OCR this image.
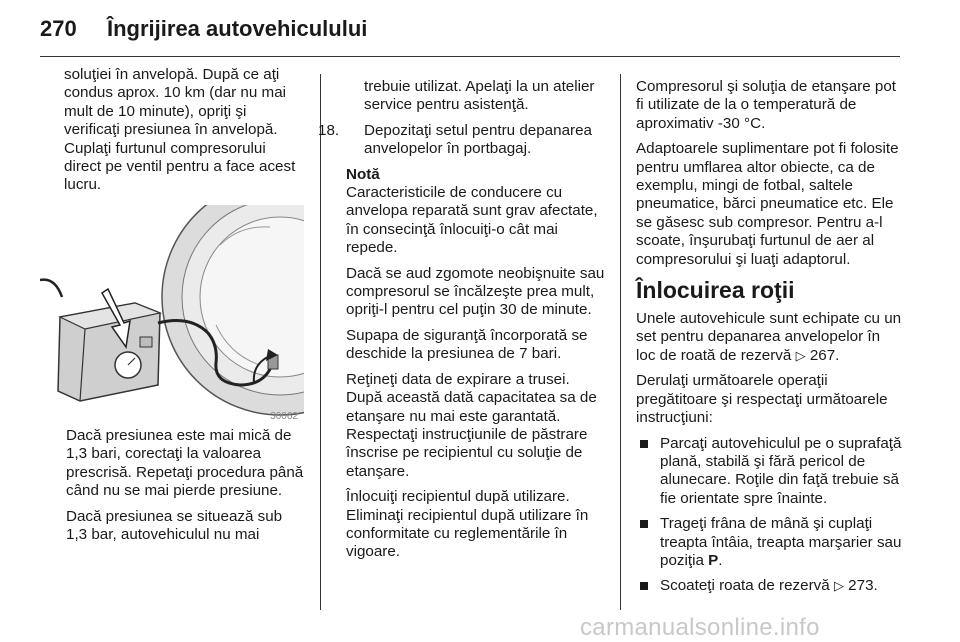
270 Îngrijirea autovehiculului

soluţiei în anvelopă. După ce aţi condus aprox. 10 km (dar nu mai mult de 10 minute), opriţi şi verificaţi presiunea în anvelopă. Cuplaţi furtunul compresorului direct pe ventil pentru a face acest lucru.

30062

Dacă presiunea este mai mică de 1,3 bari, corectaţi la valoarea prescrisă. Repetaţi procedura până când nu se mai pierde presiune.

Dacă presiunea se situează sub 1,3 bar, autovehiculul nu mai

trebuie utilizat. Apelaţi la un atelier service pentru asistenţă.

18. Depozitaţi setul pentru depanarea anvelopelor în portbagaj.
Notă

Caracteristicile de conducere cu anvelopa reparată sunt grav afectate, în consecinţă înlocuiţi-o cât mai repede.

Dacă se aud zgomote neobişnuite sau compresorul se încălzeşte prea mult, opriţi-l pentru cel puţin 30 de minute.

Supapa de siguranţă încorporată se deschide la presiunea de 7 bari.

Reţineţi data de expirare a trusei. După această dată capacitatea sa de etanşare nu mai este garantată. Respectaţi instrucţiunile de păstrare înscrise pe recipientul cu soluţie de etanşare.

Înlocuiţi recipientul după utilizare. Eliminaţi recipientul după utilizare în conformitate cu reglementările în vigoare.

Compresorul şi soluţia de etanşare pot fi utilizate de la o temperatură de aproximativ -30 °C.

Adaptoarele suplimentare pot fi folosite pentru umflarea altor obiecte, ca de exemplu, mingi de fotbal, saltele pneumatice, bărci pneumatice etc. Ele se găsesc sub compresor. Pentru a-l scoate, înşurubaţi furtunul de aer al compresorului şi luaţi adaptorul.

Înlocuirea roţii

Unele autovehicule sunt echipate cu un set pentru depanarea anvelopelor în loc de roată de rezervă ▷ 267.

Derulaţi următoarele operaţii pregătitoare şi respectaţi următoarele instrucţiuni:

Parcaţi autovehiculul pe o suprafaţă plană, stabilă şi fără pericol de alunecare. Roţile din faţă trebuie să fie orientate spre înainte.
Trageţi frâna de mână şi cuplaţi treapta întâia, treapta marşarier sau poziţia P.
Scoateţi roata de rezervă ▷ 273.
carmanualsonline.info
